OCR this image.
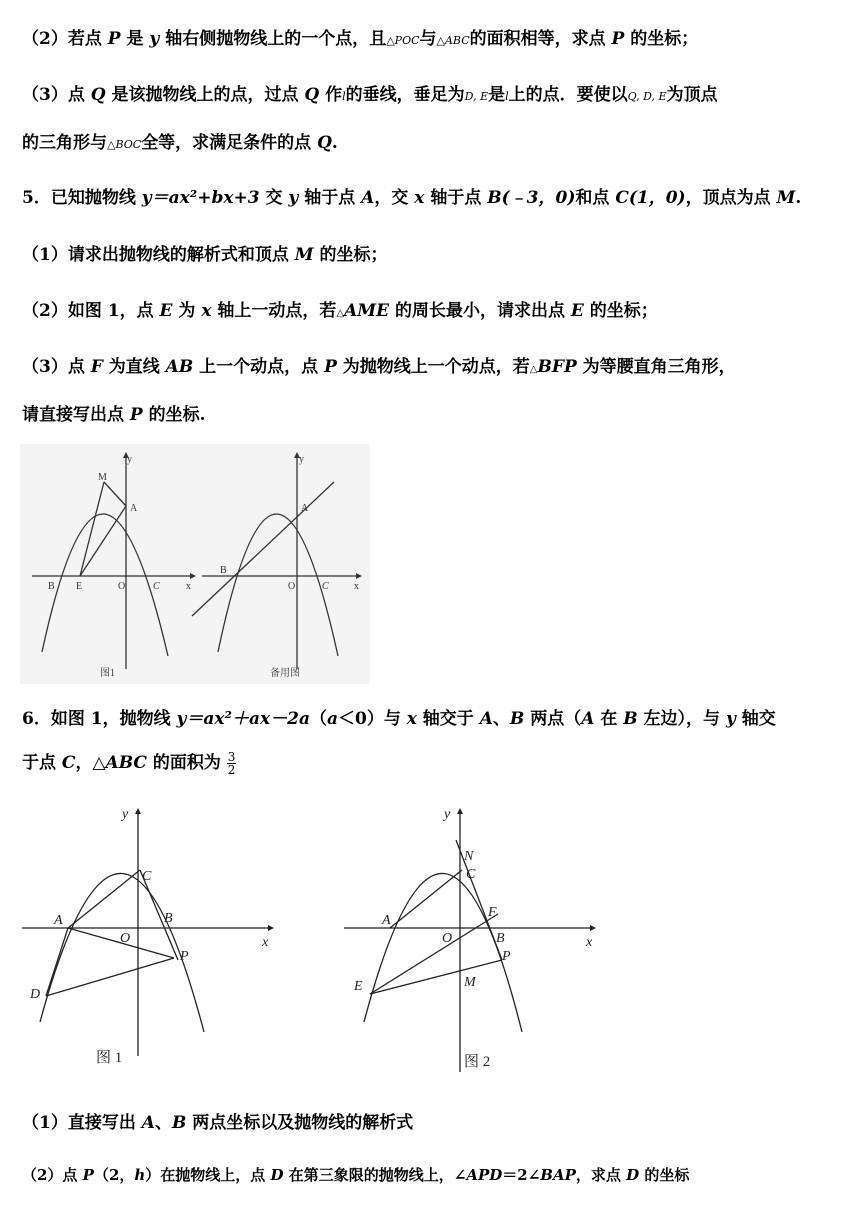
（2）若点 P 是 y 轴右侧抛物线上的一个点，且△POC与△ABC的面积相等，求点 P 的坐标；
（3）点 Q 是该抛物线上的点，过点 Q 作l的垂线，垂足为D, E是l上的点．要使以Q, D, E为顶点
的三角形与△BOC全等，求满足条件的点 Q.
5．已知抛物线 y＝ax²+bx+3 交 y 轴于点 A，交 x 轴于点 B(﹣3，0)和点 C(1，0)，顶点为点 M.
（1）请求出抛物线的解析式和顶点 M 的坐标；
（2）如图 1，点 E 为 x 轴上一动点，若△AME 的周长最小，请求出点 E 的坐标；
（3）点 F 为直线 AB 上一个动点，点 P 为抛物线上一个动点，若△BFP 为等腰直角三角形，
请直接写出点 P 的坐标.
y
x
M
A
B E	O	C
图1
y
x
A
B
O	C
备用图
6．如图 1，抛物线 y＝ax²＋ax－2a（a＜0）与 x 轴交于 A、B 两点（A 在 B 左边），与 y 轴交
于点 C，△ABC 的面积为 $\frac{3}{2}$
y
x
A	B
C
D
O
P
图 1
y
x
A
B
C
E
F
M
N
O
P
图 2
（1）直接写出 A、B 两点坐标以及抛物线的解析式
（2）点 P（2，h）在抛物线上，点 D 在第三象限的抛物线上，∠APD＝2∠BAP，求点 D 的坐标
